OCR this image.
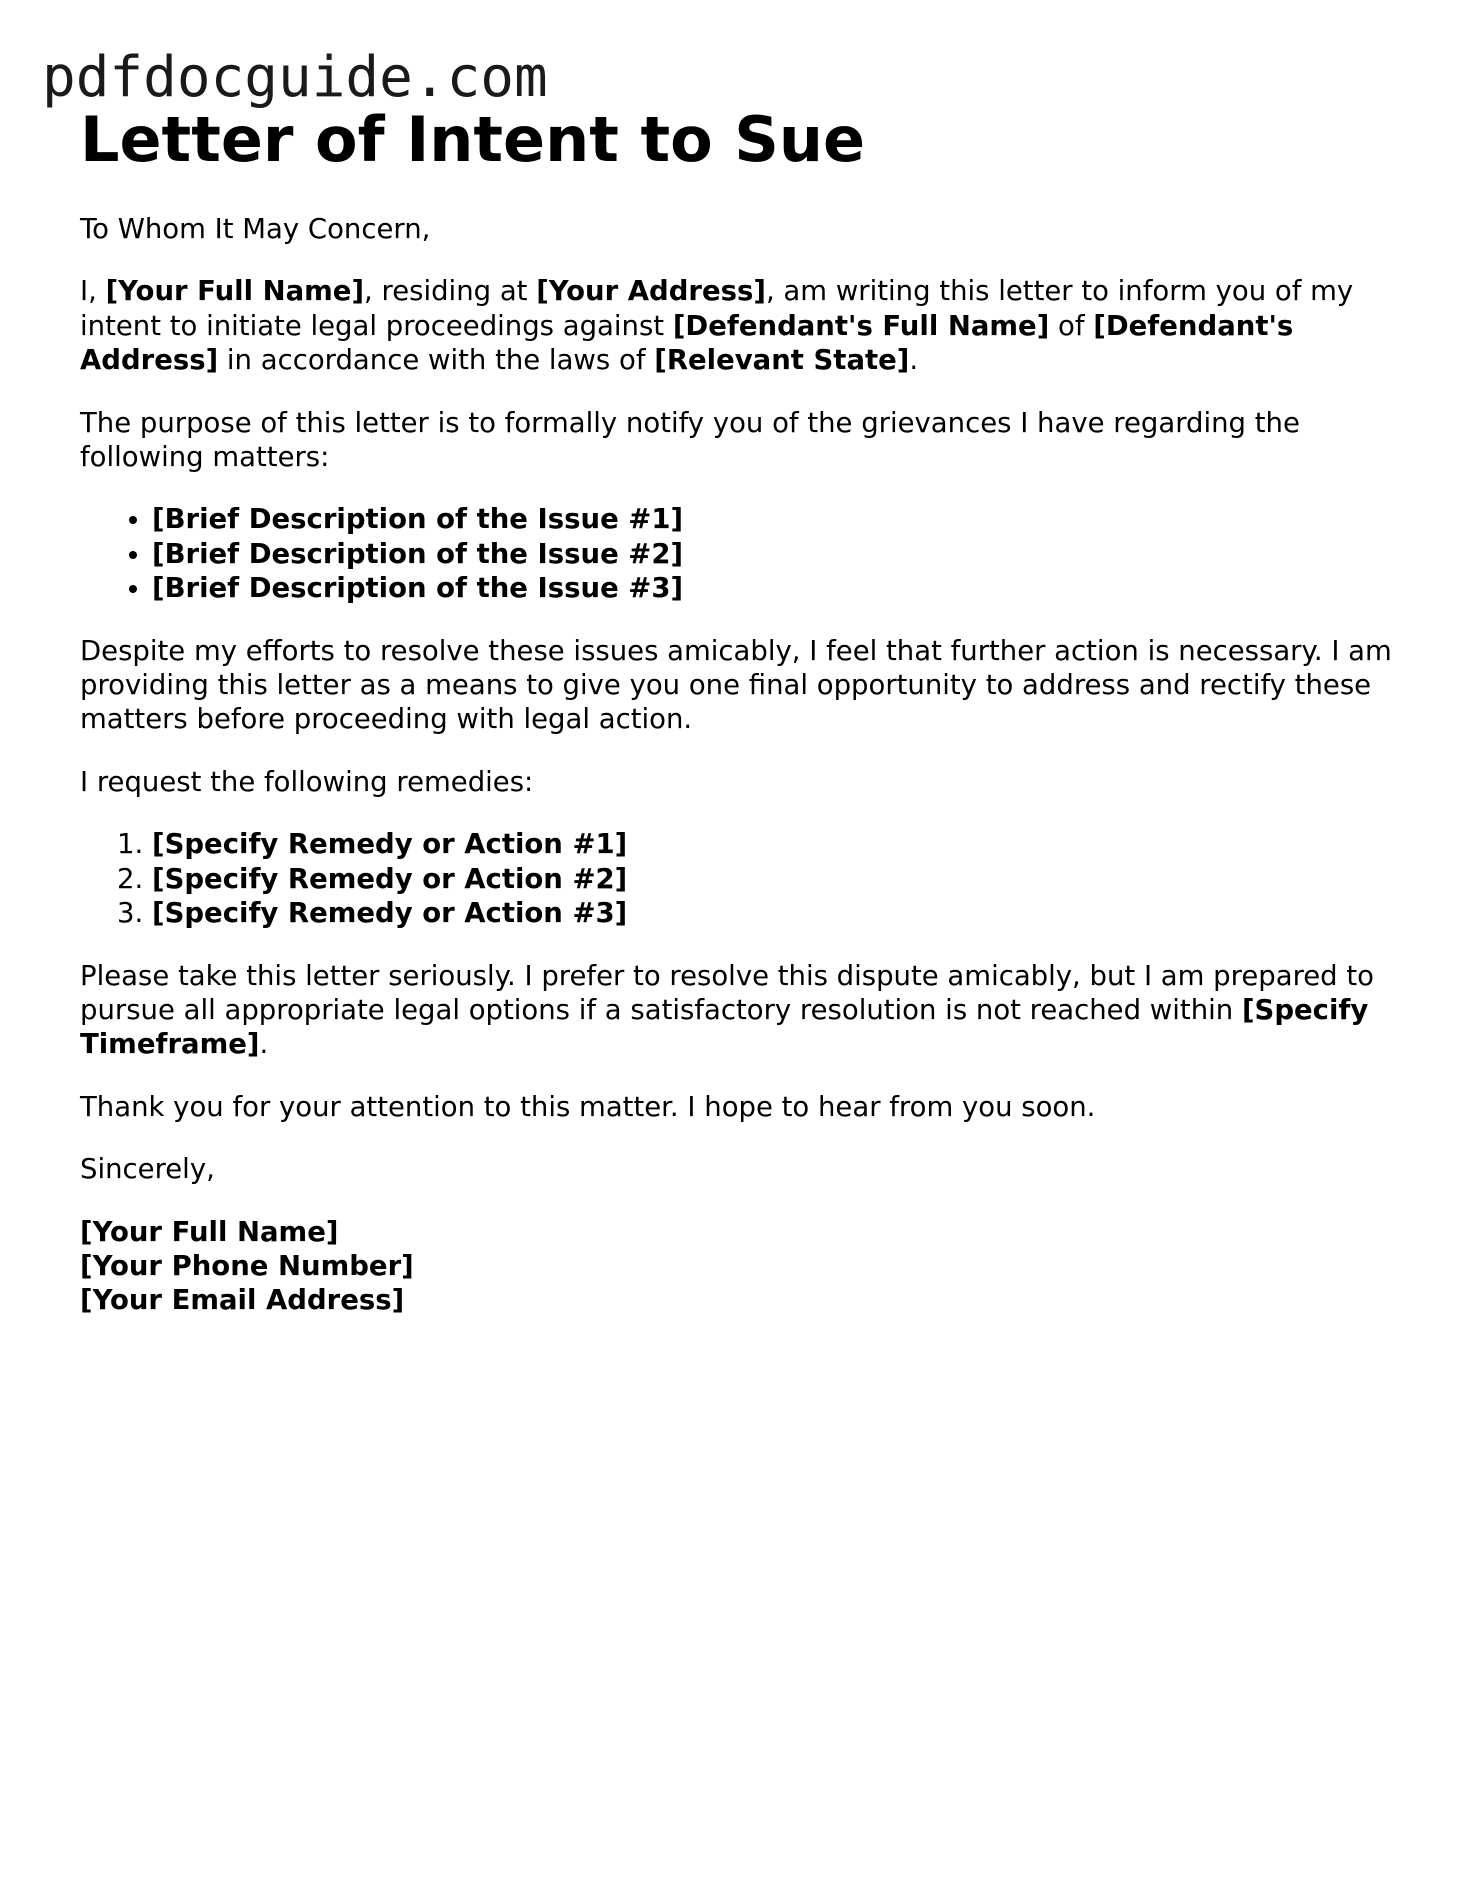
pdfdocguide.com
Letter of Intent to Sue

To Whom It May Concern,

I, [Your Full Name], residing at [Your Address], am writing this letter to inform you of my intent to initiate legal proceedings against [Defendant's Full Name] of [Defendant's Address] in accordance with the laws of [Relevant State].

The purpose of this letter is to formally notify you of the grievances I have regarding the following matters:

• [Brief Description of the Issue #1]
• [Brief Description of the Issue #2]
• [Brief Description of the Issue #3]

Despite my efforts to resolve these issues amicably, I feel that further action is necessary. I am providing this letter as a means to give you one final opportunity to address and rectify these matters before proceeding with legal action.

I request the following remedies:

1. [Specify Remedy or Action #1]
2. [Specify Remedy or Action #2]
3. [Specify Remedy or Action #3]

Please take this letter seriously. I prefer to resolve this dispute amicably, but I am prepared to pursue all appropriate legal options if a satisfactory resolution is not reached within [Specify Timeframe].

Thank you for your attention to this matter. I hope to hear from you soon.

Sincerely,

[Your Full Name]
[Your Phone Number]
[Your Email Address]
